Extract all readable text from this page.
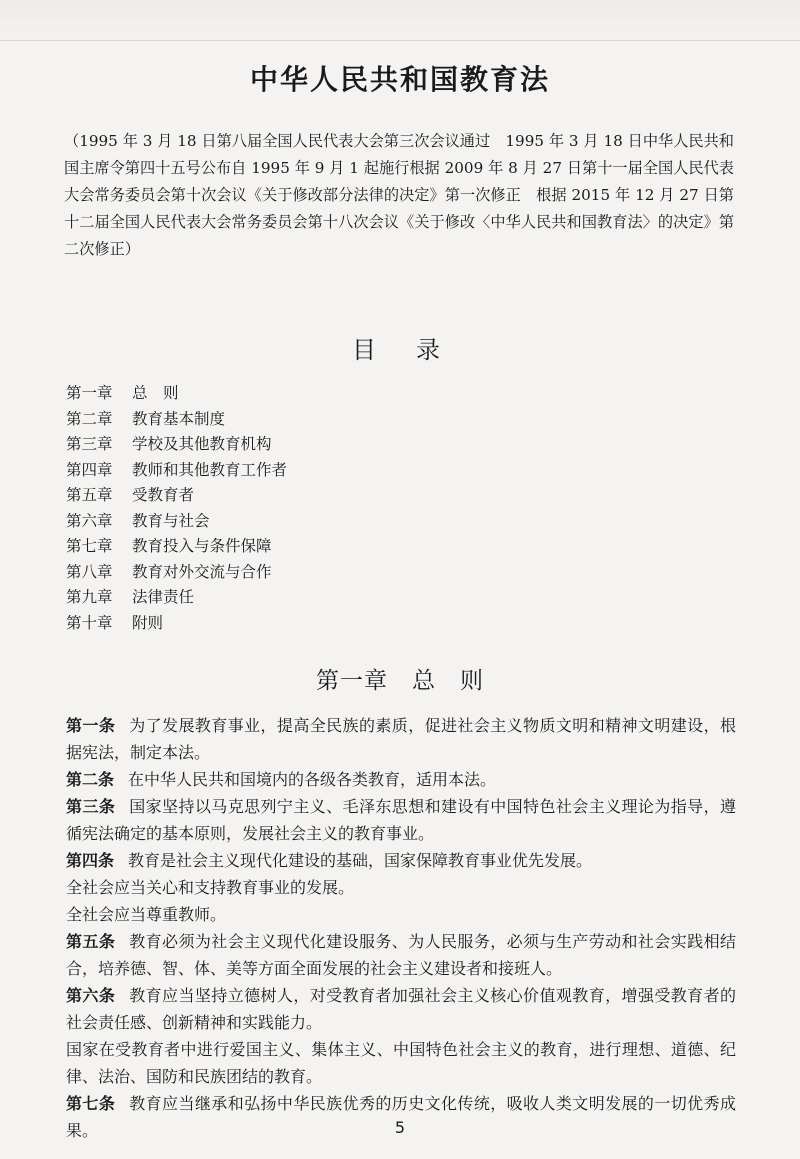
中华人民共和国教育法
（1995 年 3 月 18 日第八届全国人民代表大会第三次会议通过　1995 年 3 月 18 日中华人民共和国主席令第四十五号公布自 1995 年 9 月 1 起施行根据 2009 年 8 月 27 日第十一届全国人民代表大会常务委员会第十次会议《关于修改部分法律的决定》第一次修正　根据 2015 年 12 月 27 日第十二届全国人民代表大会常务委员会第十八次会议《关于修改〈中华人民共和国教育法〉的决定》第二次修正）
目　录
第一章 总　则
第二章 教育基本制度
第三章 学校及其他教育机构
第四章 教师和其他教育工作者
第五章 受教育者
第六章 教育与社会
第七章 教育投入与条件保障
第八章 教育对外交流与合作
第九章 法律责任
第十章 附则
第一章　总　则

第一条 为了发展教育事业，提高全民族的素质，促进社会主义物质文明和精神文明建设，根据宪法，制定本法。

第二条 在中华人民共和国境内的各级各类教育，适用本法。

第三条 国家坚持以马克思列宁主义、毛泽东思想和建设有中国特色社会主义理论为指导，遵循宪法确定的基本原则，发展社会主义的教育事业。

第四条 教育是社会主义现代化建设的基础，国家保障教育事业优先发展。

全社会应当关心和支持教育事业的发展。

全社会应当尊重教师。

第五条 教育必须为社会主义现代化建设服务、为人民服务，必须与生产劳动和社会实践相结合，培养德、智、体、美等方面全面发展的社会主义建设者和接班人。

第六条 教育应当坚持立德树人，对受教育者加强社会主义核心价值观教育，增强受教育者的社会责任感、创新精神和实践能力。

国家在受教育者中进行爱国主义、集体主义、中国特色社会主义的教育，进行理想、道德、纪律、法治、国防和民族团结的教育。

第七条 教育应当继承和弘扬中华民族优秀的历史文化传统，吸收人类文明发展的一切优秀成果。	5
